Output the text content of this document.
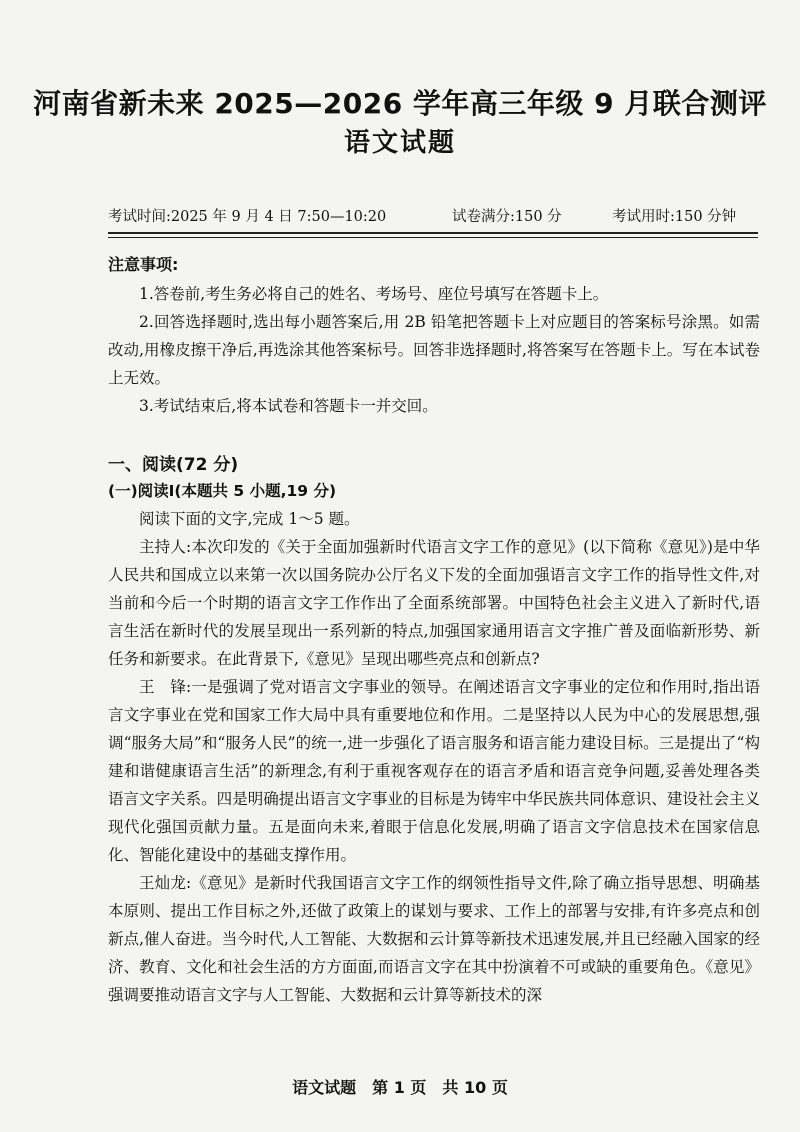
河南省新未来 2025—2026 学年高三年级 9 月联合测评
语文试题
考试时间:2025 年 9 月 4 日 7:50—10:20	试卷满分:150 分	考试用时:150 分钟
注意事项:

1.答卷前,考生务必将自己的姓名、考场号、座位号填写在答题卡上。

2.回答选择题时,选出每小题答案后,用 2B 铅笔把答题卡上对应题目的答案标号涂黑。如需改动,用橡皮擦干净后,再选涂其他答案标号。回答非选择题时,将答案写在答题卡上。写在本试卷上无效。

3.考试结束后,将本试卷和答题卡一并交回。

一、阅读(72 分)
(一)阅读Ⅰ(本题共 5 小题,19 分)

阅读下面的文字,完成 1～5 题。

主持人:本次印发的《关于全面加强新时代语言文字工作的意见》(以下简称《意见》)是中华人民共和国成立以来第一次以国务院办公厅名义下发的全面加强语言文字工作的指导性文件,对当前和今后一个时期的语言文字工作作出了全面系统部署。中国特色社会主义进入了新时代,语言生活在新时代的发展呈现出一系列新的特点,加强国家通用语言文字推广普及面临新形势、新任务和新要求。在此背景下,《意见》呈现出哪些亮点和创新点?

王　锋:一是强调了党对语言文字事业的领导。在阐述语言文字事业的定位和作用时,指出语言文字事业在党和国家工作大局中具有重要地位和作用。二是坚持以人民为中心的发展思想,强调“服务大局”和“服务人民”的统一,进一步强化了语言服务和语言能力建设目标。三是提出了“构建和谐健康语言生活”的新理念,有利于重视客观存在的语言矛盾和语言竞争问题,妥善处理各类语言文字关系。四是明确提出语言文字事业的目标是为铸牢中华民族共同体意识、建设社会主义现代化强国贡献力量。五是面向未来,着眼于信息化发展,明确了语言文字信息技术在国家信息化、智能化建设中的基础支撑作用。

王灿龙:《意见》是新时代我国语言文字工作的纲领性指导文件,除了确立指导思想、明确基本原则、提出工作目标之外,还做了政策上的谋划与要求、工作上的部署与安排,有许多亮点和创新点,催人奋进。当今时代,人工智能、大数据和云计算等新技术迅速发展,并且已经融入国家的经济、教育、文化和社会生活的方方面面,而语言文字在其中扮演着不可或缺的重要角色。《意见》强调要推动语言文字与人工智能、大数据和云计算等新技术的深

语文试题　第 1 页　共 10 页
